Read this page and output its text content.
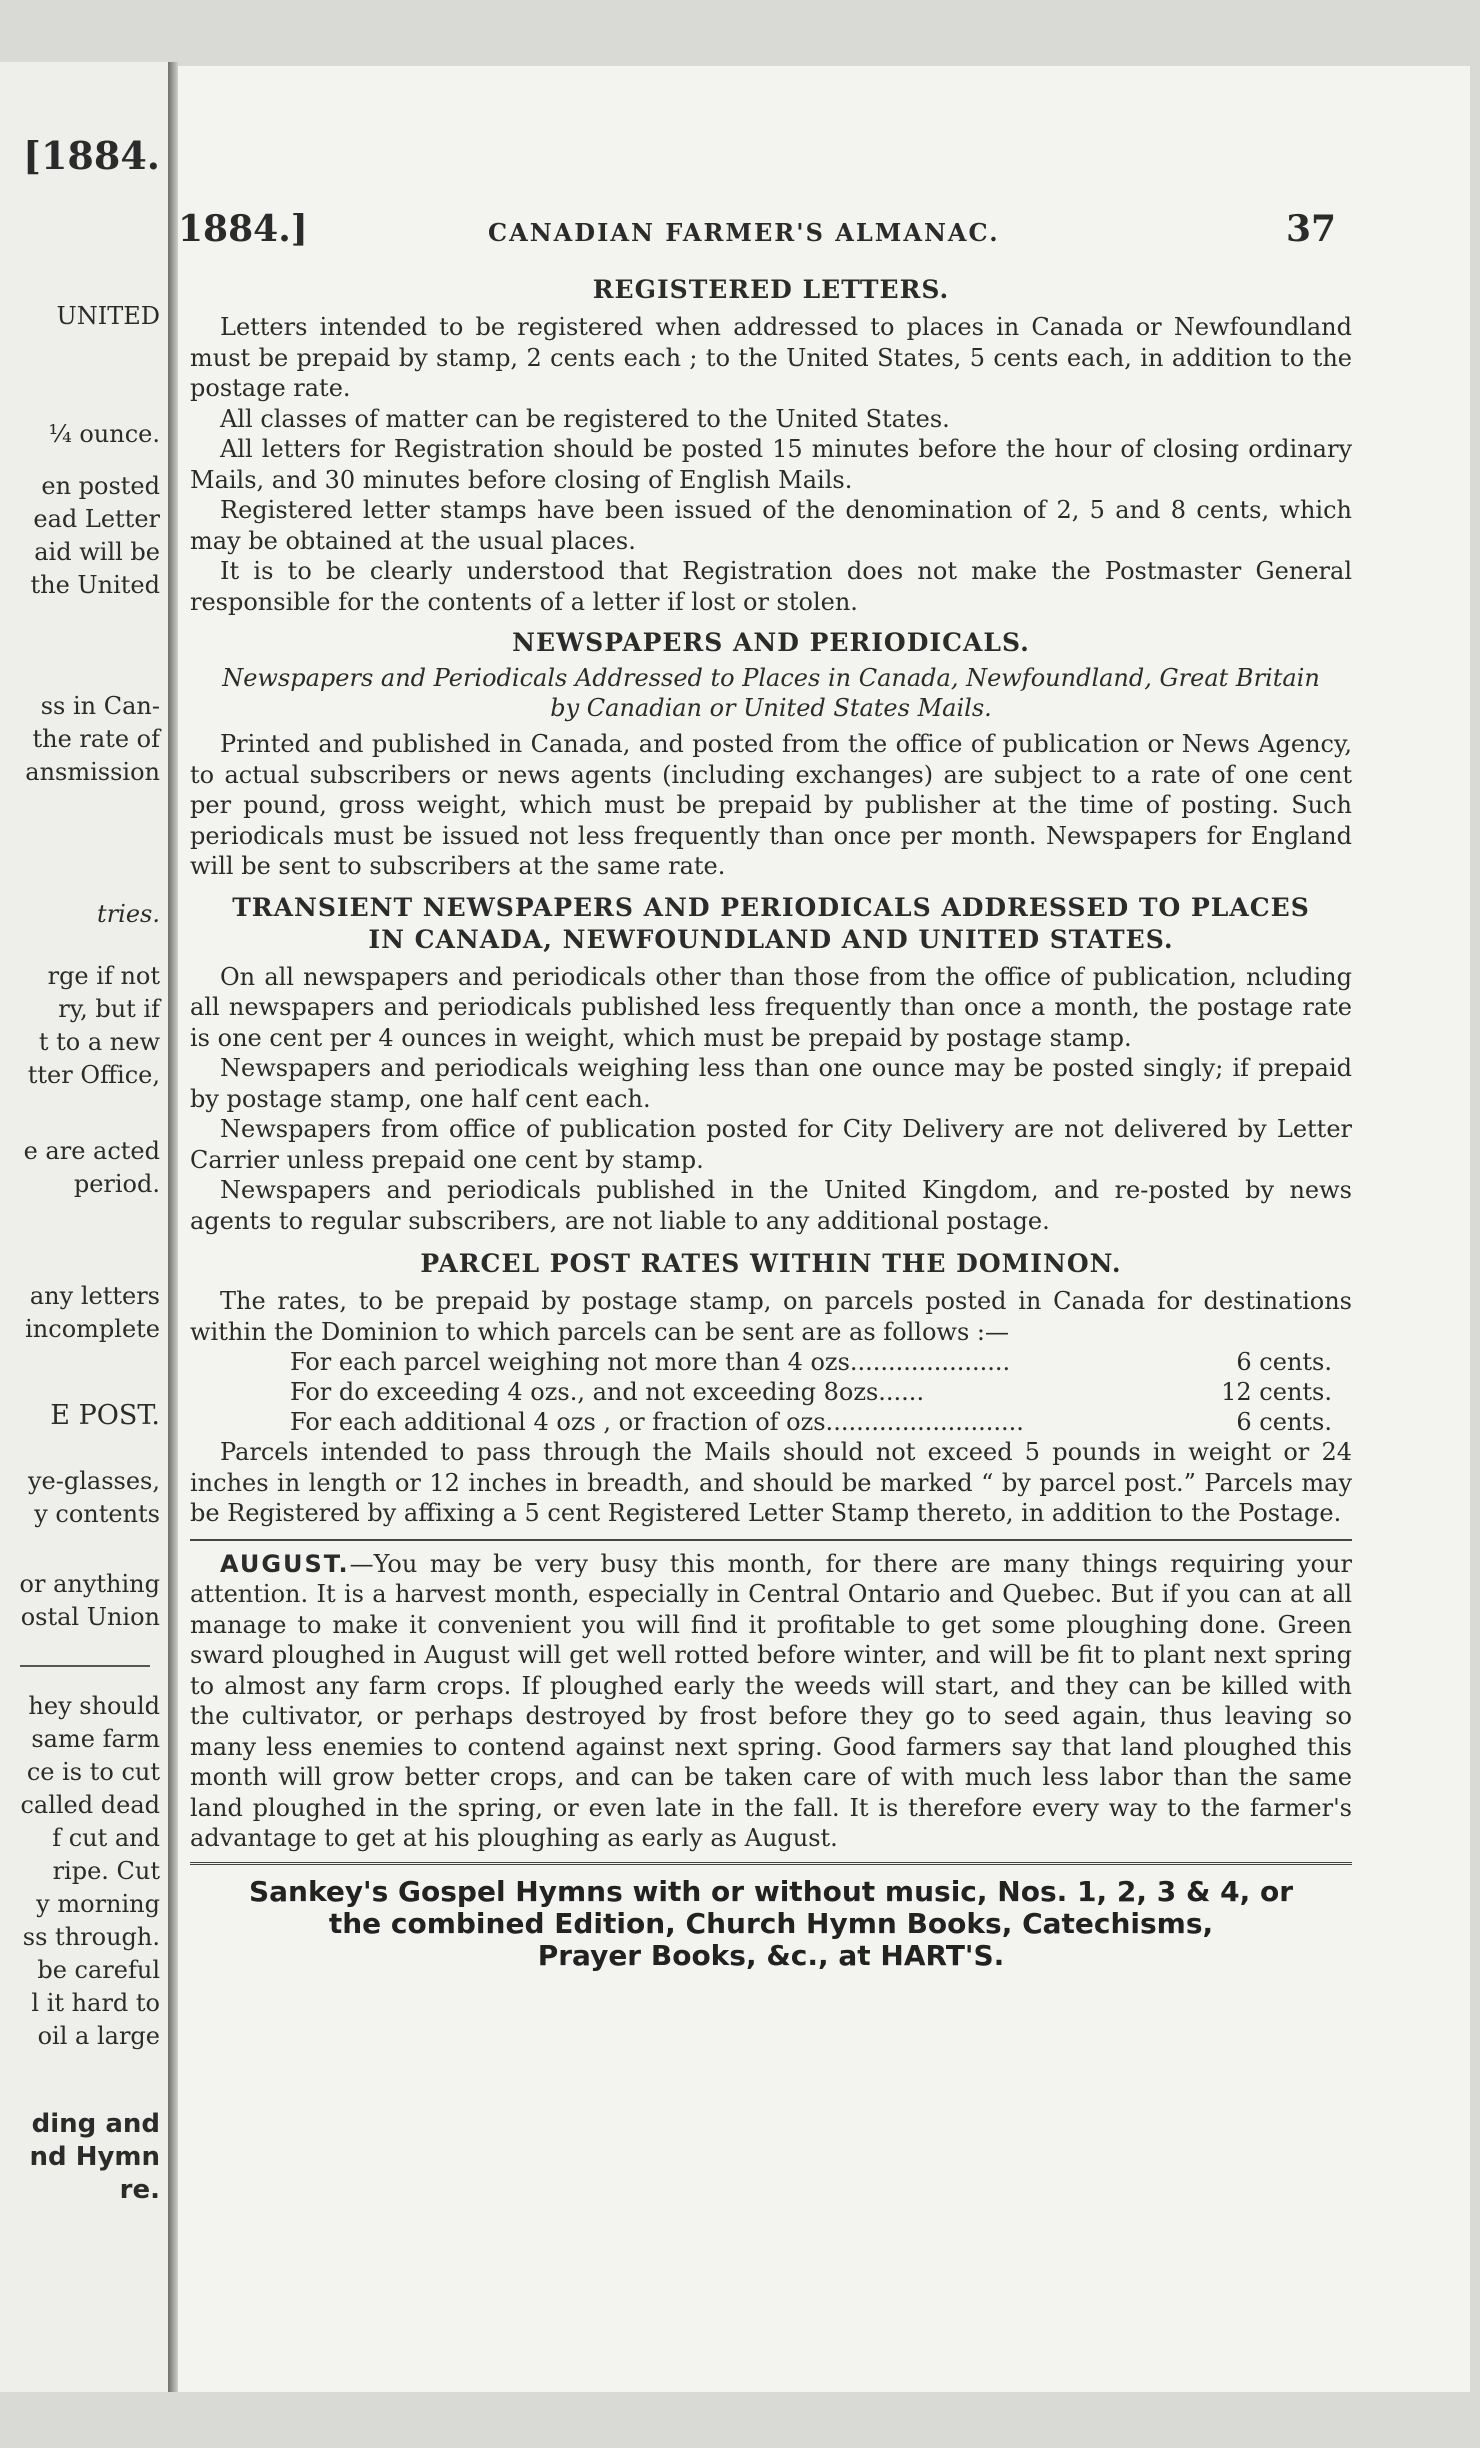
[1884.
UNITED
¼ ounce.
en posted
ead Letter
aid will be
the United
ss in Can-
the rate of
ansmission
tries.
rge if not
ry, but if
t to a new
tter Office,
e are acted
period.
any letters
incomplete
E POST.
ye-glasses,
y contents
or anything
ostal Union
hey should
same farm
ce is to cut
called dead
f cut and
ripe. Cut
y morning
ss through.
be careful
l it hard to
oil a large
ding and
nd Hymn
re.
1884.]	CANADIAN FARMER'S ALMANAC.	37
REGISTERED LETTERS.

Letters intended to be registered when addressed to places in Canada or Newfoundland must be prepaid by stamp, 2 cents each ; to the United States, 5 cents each, in addition to the postage rate.

All classes of matter can be registered to the United States.

All letters for Registration should be posted 15 minutes before the hour of closing ordinary Mails, and 30 minutes before closing of English Mails.

Registered letter stamps have been issued of the denomination of 2, 5 and 8 cents, which may be obtained at the usual places.

It is to be clearly understood that Registration does not make the Postmaster General responsible for the contents of a letter if lost or stolen.

NEWSPAPERS AND PERIODICALS.
Newspapers and Periodicals Addressed to Places in Canada, Newfoundland, Great Britain by Canadian or United States Mails.

Printed and published in Canada, and posted from the office of publication or News Agency, to actual subscribers or news agents (including exchanges) are subject to a rate of one cent per pound, gross weight, which must be prepaid by publisher at the time of posting. Such periodicals must be issued not less frequently than once per month. Newspapers for England will be sent to subscribers at the same rate.

TRANSIENT NEWSPAPERS AND PERIODICALS ADDRESSED TO PLACES IN CANADA, NEWFOUNDLAND AND UNITED STATES.

On all newspapers and periodicals other than those from the office of publication, ncluding all newspapers and periodicals published less frequently than once a month, the postage rate is one cent per 4 ounces in weight, which must be prepaid by postage stamp.

Newspapers and periodicals weighing less than one ounce may be posted singly; if prepaid by postage stamp, one half cent each.

Newspapers from office of publication posted for City Delivery are not delivered by Letter Carrier unless prepaid one cent by stamp.

Newspapers and periodicals published in the United Kingdom, and re-posted by news agents to regular subscribers, are not liable to any additional postage.

PARCEL POST RATES WITHIN THE DOMINON.

The rates, to be prepaid by postage stamp, on parcels posted in Canada for destinations within the Dominion to which parcels can be sent are as follows :—

For each parcel weighing not more than 4 ozs.....................	6 cents.
For do exceeding 4 ozs., and not exceeding 8ozs......	12 cents.
For each additional 4 ozs , or fraction of ozs..........................	6 cents.

Parcels intended to pass through the Mails should not exceed 5 pounds in weight or 24 inches in length or 12 inches in breadth, and should be marked “ by parcel post.” Parcels may be Registered by affixing a 5 cent Registered Letter Stamp thereto, in addition to the Postage.

AUGUST.—You may be very busy this month, for there are many things requiring your attention. It is a harvest month, especially in Central Ontario and Quebec. But if you can at all manage to make it convenient you will find it profitable to get some ploughing done. Green sward ploughed in August will get well rotted before winter, and will be fit to plant next spring to almost any farm crops. If ploughed early the weeds will start, and they can be killed with the cultivator, or perhaps destroyed by frost before they go to seed again, thus leaving so many less enemies to contend against next spring. Good farmers say that land ploughed this month will grow better crops, and can be taken care of with much less labor than the same land ploughed in the spring, or even late in the fall. It is therefore every way to the farmer's advantage to get at his ploughing as early as August.

Sankey's Gospel Hymns with or without music, Nos. 1, 2, 3 & 4, or
the combined Edition, Church Hymn Books, Catechisms,
Prayer Books, &c., at HART'S.
